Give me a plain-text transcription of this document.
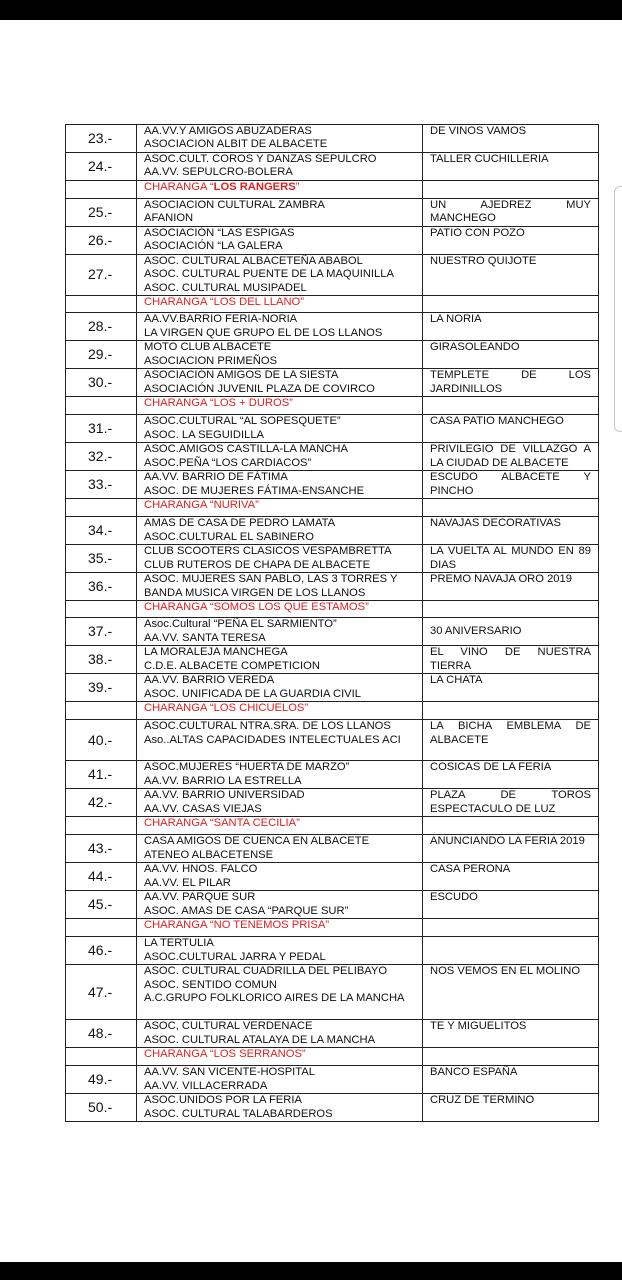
23.-	AA.VV.Y AMIGOS ABUZADERAS
ASOCIACION ALBIT DE ALBACETE	DE VINOS VAMOS
24.-	ASOC.CULT. COROS Y DANZAS SEPULCRO
AA.VV. SEPULCRO-BOLERA	TALLER CUCHILLERIA
	CHARANGA “LOS RANGERS”	
25.-	ASOCIACION CULTURAL ZAMBRA
AFANION	UN AJEDREZ MUY MANCHEGO
26.-	ASOCIACIÓN “LAS ESPIGAS
ASOCIACIÓN “LA GALERA	PATIO CON POZO
27.-	ASOC. CULTURAL ALBACETEÑA ABABOL
ASOC. CULTURAL PUENTE DE LA MAQUINILLA
ASOC. CULTURAL MUSIPADEL	NUESTRO QUIJOTE
	CHARANGA “LOS DEL LLANO”	
28.-	AA.VV.BARRIO FERIA-NORIA
LA VIRGEN QUE GRUPO EL DE LOS LLANOS	LA NORIA
29.-	MOTO CLUB ALBACETE
ASOCIACION PRIMEÑOS	GIRASOLEANDO
30.-	ASOCIACIÓN AMIGOS DE LA SIESTA
ASOCIACIÓN JUVENIL PLAZA DE COVIRCO	TEMPLETE DE LOS JARDINILLOS
	CHARANGA “LOS + DUROS”	
31.-	ASOC.CULTURAL “AL SOPESQUETE”
ASOC. LA SEGUIDILLA	CASA PATIO MANCHEGO
32.-	ASOC.AMIGOS CASTILLA-LA MANCHA
ASOC.PEÑA “LOS CARDIACOS”	PRIVILEGIO DE VILLAZGO A LA CIUDAD DE ALBACETE
33.-	AA.VV. BARRIO DE FÁTIMA
ASOC. DE MUJERES FÁTIMA-ENSANCHE	ESCUDO ALBACETE Y PINCHO
	CHARANGA “NURIVA”	
34.-	AMAS DE CASA DE PEDRO LAMATA
ASOC.CULTURAL EL SABINERO	NAVAJAS DECORATIVAS
35.-	CLUB SCOOTERS CLASICOS VESPAMBRETTA
CLUB RUTEROS DE CHAPA DE ALBACETE	LA VUELTA AL MUNDO EN 89 DIAS
36.-	ASOC. MUJERES SAN PABLO, LAS 3 TORRES Y
BANDA MUSICA VIRGEN DE LOS LLANOS	PREMO NAVAJA ORO 2019
	CHARANGA “SOMOS LOS QUE ESTAMOS”	
37.-	Asoc.Cultural “PEÑA EL SARMIENTO”
AA.VV. SANTA TERESA	30 ANIVERSARIO
38.-	LA MORALEJA MANCHEGA
C.D.E. ALBACETE COMPETICION	EL VINO DE NUESTRA TIERRA
39.-	AA.VV. BARRIO VEREDA
ASOC. UNIFICADA DE LA GUARDIA CIVIL	LA CHATA
	CHARANGA “LOS CHICUELOS”	
40.-	ASOC.CULTURAL NTRA.SRA. DE LOS LLANOS
Aso..ALTAS CAPACIDADES INTELECTUALES ACI	LA BICHA EMBLEMA DE ALBACETE
41.-	ASOC.MUJERES “HUERTA DE MARZO”
AA.VV. BARRIO LA ESTRELLA	COSICAS DE LA FERIA
42.-	AA.VV. BARRIO UNIVERSIDAD
AA.VV. CASAS VIEJAS	PLAZA DE TOROS ESPECTACULO DE LUZ
	CHARANGA “SANTA CECILIA”	
43.-	CASA AMIGOS DE CUENCA EN ALBACETE
ATENEO ALBACETENSE	ANUNCIANDO LA FERIA 2019
44.-	AA.VV. HNOS. FALCO
AA.VV. EL PILAR	CASA PERONA
45.-	AA.VV. PARQUE SUR
ASOC. AMAS DE CASA “PARQUE SUR”	ESCUDO
	CHARANGA “NO TENEMOS PRISA”	
46.-	LA TERTULIA
ASOC.CULTURAL JARRA Y PEDAL	

47.-	ASOC. CULTURAL CUADRILLA DEL PELIBAYO
ASOC. SENTIDO COMUN
A.C.GRUPO FOLKLORICO AIRES DE LA MANCHA	NOS VEMOS EN EL MOLINO
48.-	ASOC, CULTURAL VERDENACE
ASOC. CULTURAL ATALAYA DE LA MANCHA	TE Y MIGUELITOS
	CHARANGA “LOS SERRANOS”	
49.-	AA.VV. SAN VICENTE-HOSPITAL
AA.VV. VILLACERRADA	BANCO ESPAÑA
50.-	ASOC.UNIDOS POR LA FERIA
ASOC. CULTURAL TALABARDEROS	CRUZ DE TERMINO
